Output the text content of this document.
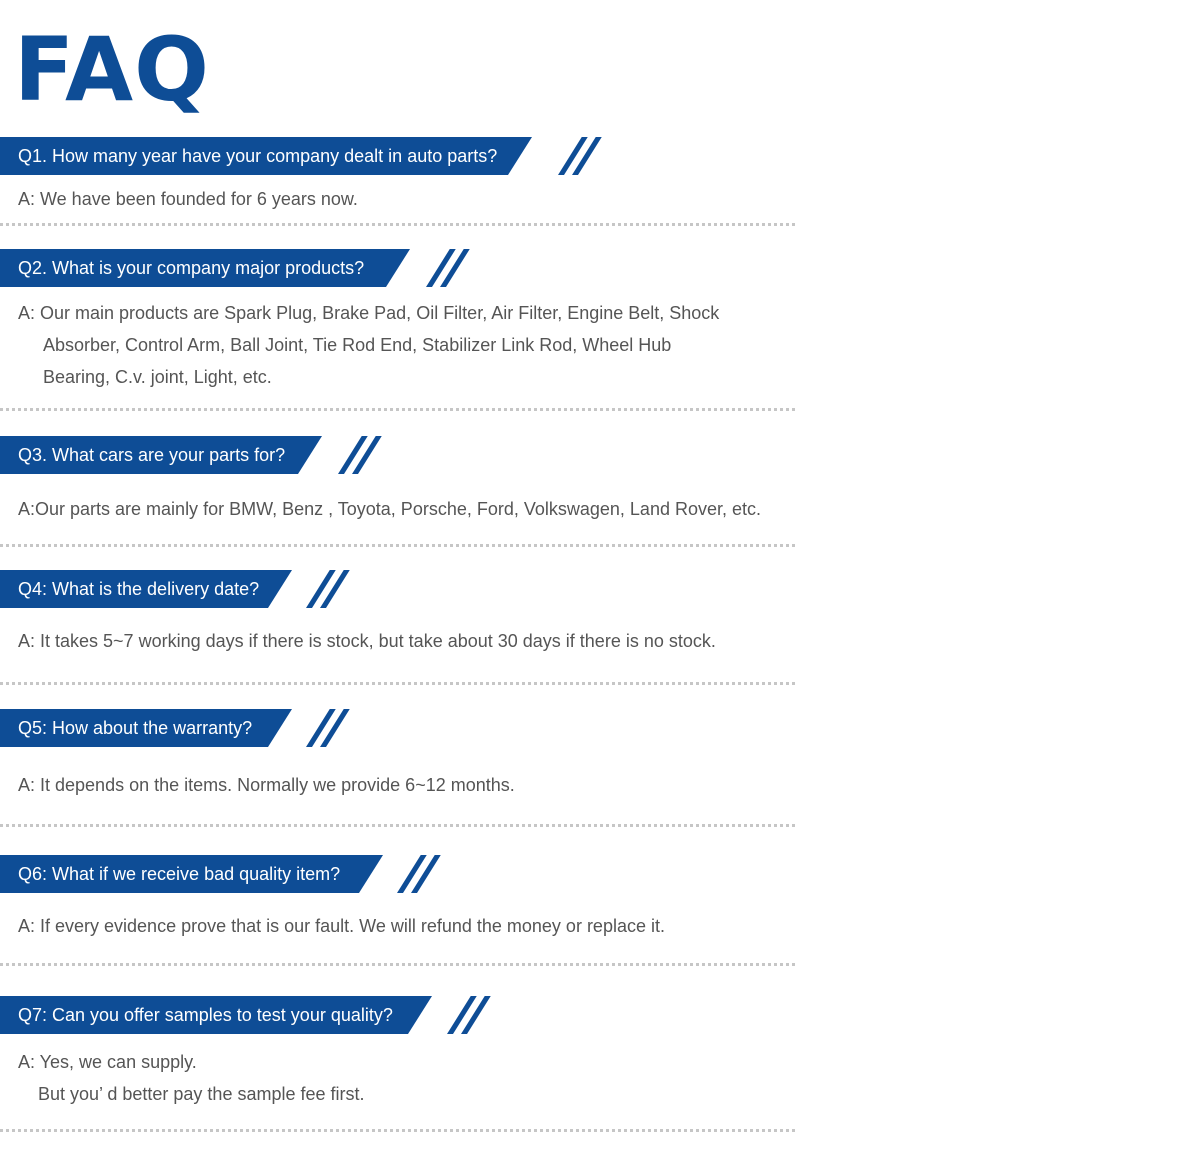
FAQ

Q1. How many year have your company dealt in auto parts?

A: We have been founded for 6 years now.

Q2. What is your company major products?

A: Our main products are Spark Plug, Brake Pad, Oil Filter, Air Filter, Engine Belt, Shock
Absorber, Control Arm, Ball Joint, Tie Rod End, Stabilizer Link Rod, Wheel Hub
Bearing, C.v. joint, Light, etc.

Q3. What cars are your parts for?

A:Our parts are mainly for BMW, Benz , Toyota, Porsche, Ford, Volkswagen, Land Rover, etc.

Q4: What is the delivery date?

A: It takes 5~7 working days if there is stock, but take about 30 days if there is no stock.

Q5: How about the warranty?

A: It depends on the items. Normally we provide 6~12 months.

Q6: What if we receive bad quality item?

A: If every evidence prove that is our fault. We will refund the money or replace it.

Q7: Can you offer samples to test your quality?

A: Yes, we can supply.
But you’ d better pay the sample fee first.
